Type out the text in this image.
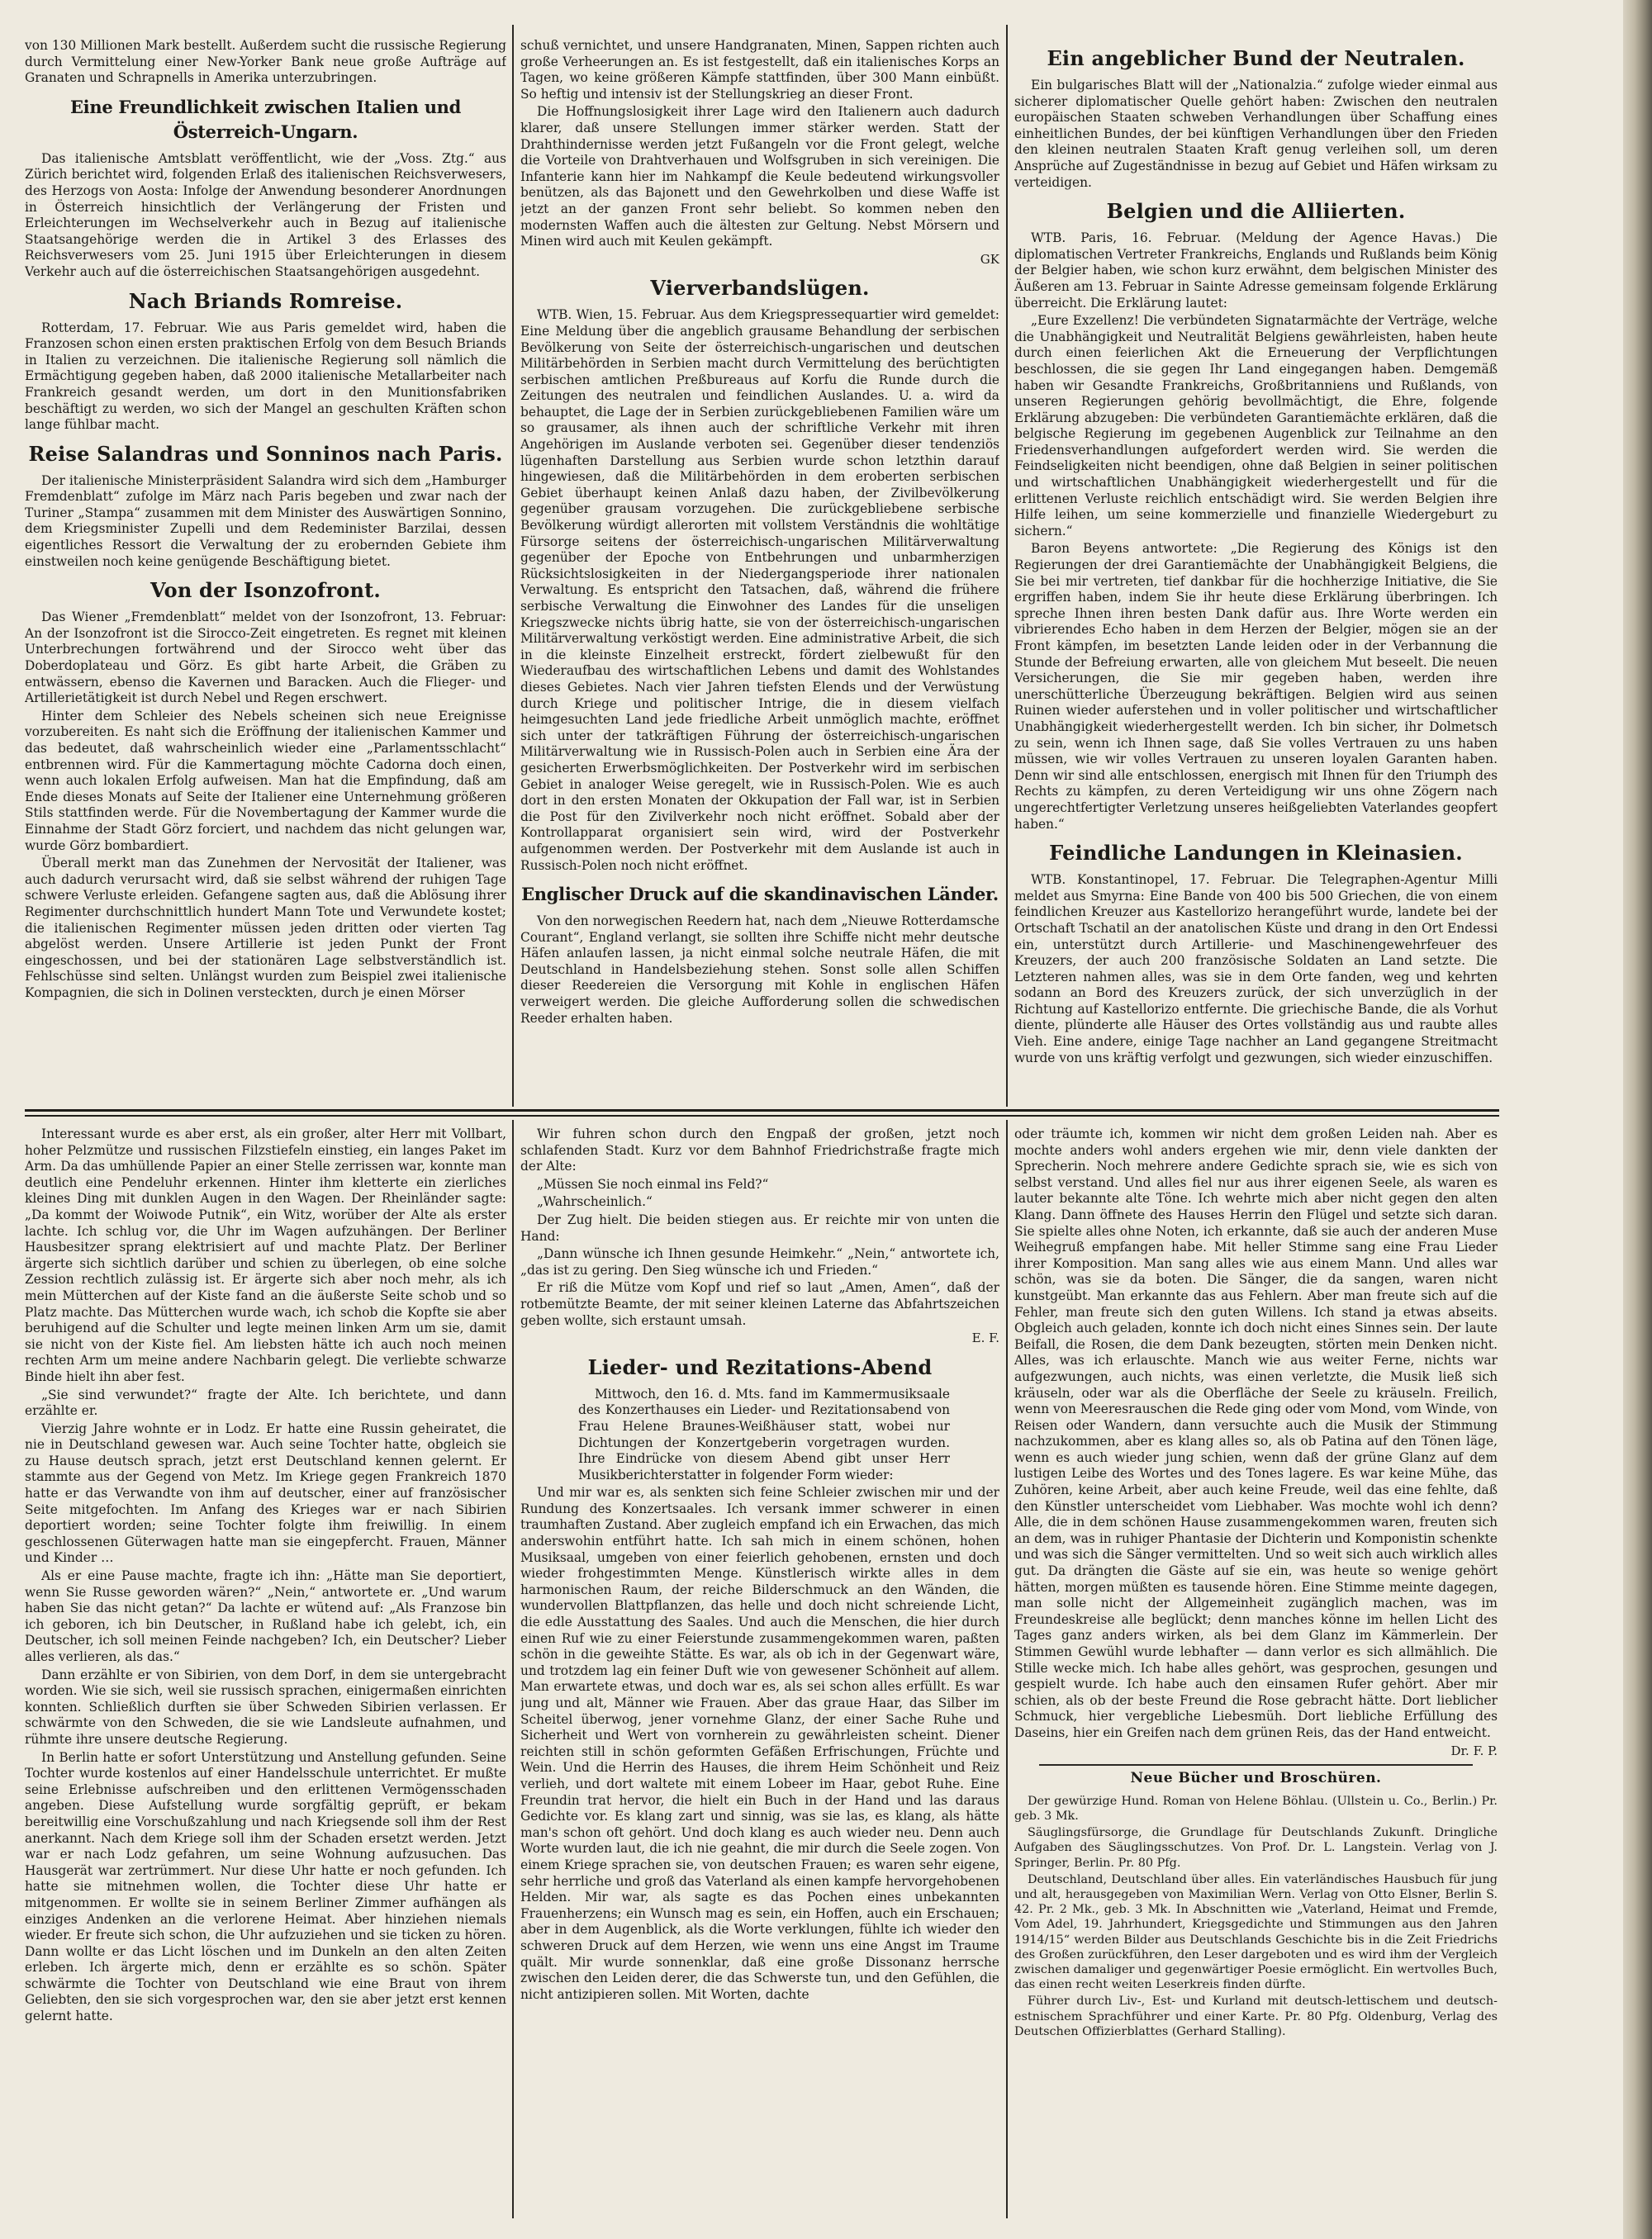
von 130 Millionen Mark bestellt. Außerdem sucht die russische Regierung durch Vermittelung einer New-Yorker Bank neue große Aufträge auf Granaten und Schrapnells in Amerika unterzubringen.

Eine Freundlichkeit zwischen Italien und Österreich-Ungarn.

Das italienische Amtsblatt veröffentlicht, wie der „Voss. Ztg.“ aus Zürich berichtet wird, folgenden Erlaß des italienischen Reichsverwesers, des Herzogs von Aosta: Infolge der Anwendung besonderer Anordnungen in Österreich hinsichtlich der Verlängerung der Fristen und Erleichterungen im Wechselverkehr auch in Bezug auf italienische Staatsangehörige werden die in Artikel 3 des Erlasses des Reichsverwesers vom 25. Juni 1915 über Erleichterungen in diesem Verkehr auch auf die österreichischen Staatsangehörigen ausgedehnt.

Nach Briands Romreise.

Rotterdam, 17. Februar. Wie aus Paris gemeldet wird, haben die Franzosen schon einen ersten praktischen Erfolg von dem Besuch Briands in Italien zu verzeichnen. Die italienische Regierung soll nämlich die Ermächtigung gegeben haben, daß 2000 italienische Metallarbeiter nach Frankreich gesandt werden, um dort in den Munitionsfabriken beschäftigt zu werden, wo sich der Mangel an geschulten Kräften schon lange fühlbar macht.

Reise Salandras und Sonninos nach Paris.

Der italienische Ministerpräsident Salandra wird sich dem „Hamburger Fremdenblatt“ zufolge im März nach Paris begeben und zwar nach der Turiner „Stampa“ zusammen mit dem Minister des Auswärtigen Sonnino, dem Kriegsminister Zupelli und dem Redeminister Barzilai, dessen eigentliches Ressort die Verwaltung der zu erobernden Gebiete ihm einstweilen noch keine genügende Beschäftigung bietet.

Von der Isonzofront.

Das Wiener „Fremdenblatt“ meldet von der Isonzofront, 13. Februar: An der Isonzofront ist die Sirocco-Zeit eingetreten. Es regnet mit kleinen Unterbrechungen fortwährend und der Sirocco weht über das Doberdoplateau und Görz. Es gibt harte Arbeit, die Gräben zu entwässern, ebenso die Kavernen und Baracken. Auch die Flieger- und Artillerietätigkeit ist durch Nebel und Regen erschwert.

Hinter dem Schleier des Nebels scheinen sich neue Ereignisse vorzubereiten. Es naht sich die Eröffnung der italienischen Kammer und das bedeutet, daß wahrscheinlich wieder eine „Parlamentsschlacht“ entbrennen wird. Für die Kammertagung möchte Cadorna doch einen, wenn auch lokalen Erfolg aufweisen. Man hat die Empfindung, daß am Ende dieses Monats auf Seite der Italiener eine Unternehmung größeren Stils stattfinden werde. Für die Novembertagung der Kammer wurde die Einnahme der Stadt Görz forciert, und nachdem das nicht gelungen war, wurde Görz bombardiert.

Überall merkt man das Zunehmen der Nervosität der Italiener, was auch dadurch verursacht wird, daß sie selbst während der ruhigen Tage schwere Verluste erleiden. Gefangene sagten aus, daß die Ablösung ihrer Regimenter durchschnittlich hundert Mann Tote und Verwundete kostet; die italienischen Regimenter müssen jeden dritten oder vierten Tag abgelöst werden. Unsere Artillerie ist jeden Punkt der Front eingeschossen, und bei der stationären Lage selbstverständlich ist. Fehlschüsse sind selten. Unlängst wurden zum Beispiel zwei italienische Kompagnien, die sich in Dolinen versteckten, durch je einen Mörser

schuß vernichtet, und unsere Handgranaten, Minen, Sappen richten auch große Verheerungen an. Es ist festgestellt, daß ein italienisches Korps an Tagen, wo keine größeren Kämpfe stattfinden, über 300 Mann einbüßt. So heftig und intensiv ist der Stellungskrieg an dieser Front.

Die Hoffnungslosigkeit ihrer Lage wird den Italienern auch dadurch klarer, daß unsere Stellungen immer stärker werden. Statt der Drahthindernisse werden jetzt Fußangeln vor die Front gelegt, welche die Vorteile von Drahtverhauen und Wolfsgruben in sich vereinigen. Die Infanterie kann hier im Nahkampf die Keule bedeutend wirkungsvoller benützen, als das Bajonett und den Gewehrkolben und diese Waffe ist jetzt an der ganzen Front sehr beliebt. So kommen neben den modernsten Waffen auch die ältesten zur Geltung. Nebst Mörsern und Minen wird auch mit Keulen gekämpft.

GK
Vierverbandslügen.

WTB. Wien, 15. Februar. Aus dem Kriegspressequartier wird gemeldet: Eine Meldung über die angeblich grausame Behandlung der serbischen Bevölkerung von Seite der österreichisch-ungarischen und deutschen Militärbehörden in Serbien macht durch Vermittelung des berüchtigten serbischen amtlichen Preßbureaus auf Korfu die Runde durch die Zeitungen des neutralen und feindlichen Auslandes. U. a. wird da behauptet, die Lage der in Serbien zurückgebliebenen Familien wäre um so grausamer, als ihnen auch der schriftliche Verkehr mit ihren Angehörigen im Auslande verboten sei. Gegenüber dieser tendenziös lügenhaften Darstellung aus Serbien wurde schon letzthin darauf hingewiesen, daß die Militärbehörden in dem eroberten serbischen Gebiet überhaupt keinen Anlaß dazu haben, der Zivilbevölkerung gegenüber grausam vorzugehen. Die zurückgebliebene serbische Bevölkerung würdigt allerorten mit vollstem Verständnis die wohltätige Fürsorge seitens der österreichisch-ungarischen Militärverwaltung gegenüber der Epoche von Entbehrungen und unbarmherzigen Rücksichtslosigkeiten in der Niedergangsperiode ihrer nationalen Verwaltung. Es entspricht den Tatsachen, daß, während die frühere serbische Verwaltung die Einwohner des Landes für die unseligen Kriegszwecke nichts übrig hatte, sie von der österreichisch-ungarischen Militärverwaltung verköstigt werden. Eine administrative Arbeit, die sich in die kleinste Einzelheit erstreckt, fördert zielbewußt für den Wiederaufbau des wirtschaftlichen Lebens und damit des Wohlstandes dieses Gebietes. Nach vier Jahren tiefsten Elends und der Verwüstung durch Kriege und politischer Intrige, die in diesem vielfach heimgesuchten Land jede friedliche Arbeit unmöglich machte, eröffnet sich unter der tatkräftigen Führung der österreichisch-ungarischen Militärverwaltung wie in Russisch-Polen auch in Serbien eine Ära der gesicherten Erwerbsmöglichkeiten. Der Postverkehr wird im serbischen Gebiet in analoger Weise geregelt, wie in Russisch-Polen. Wie es auch dort in den ersten Monaten der Okkupation der Fall war, ist in Serbien die Post für den Zivilverkehr noch nicht eröffnet. Sobald aber der Kontrollapparat organisiert sein wird, wird der Postverkehr aufgenommen werden. Der Postverkehr mit dem Auslande ist auch in Russisch-Polen noch nicht eröffnet.

Englischer Druck auf die skandinavischen Länder.

Von den norwegischen Reedern hat, nach dem „Nieuwe Rotterdamsche Courant“, England verlangt, sie sollten ihre Schiffe nicht mehr deutsche Häfen anlaufen lassen, ja nicht einmal solche neutrale Häfen, die mit Deutschland in Handelsbeziehung stehen. Sonst solle allen Schiffen dieser Reedereien die Versorgung mit Kohle in englischen Häfen verweigert werden. Die gleiche Aufforderung sollen die schwedischen Reeder erhalten haben.

Ein angeblicher Bund der Neutralen.

Ein bulgarisches Blatt will der „Nationalzia.“ zufolge wieder einmal aus sicherer diplomatischer Quelle gehört haben: Zwischen den neutralen europäischen Staaten schweben Verhandlungen über Schaffung eines einheitlichen Bundes, der bei künftigen Verhandlungen über den Frieden den kleinen neutralen Staaten Kraft genug verleihen soll, um deren Ansprüche auf Zugeständnisse in bezug auf Gebiet und Häfen wirksam zu verteidigen.

Belgien und die Alliierten.

WTB. Paris, 16. Februar. (Meldung der Agence Havas.) Die diplomatischen Vertreter Frankreichs, Englands und Rußlands beim König der Belgier haben, wie schon kurz erwähnt, dem belgischen Minister des Äußeren am 13. Februar in Sainte Adresse gemeinsam folgende Erklärung überreicht. Die Erklärung lautet:

„Eure Exzellenz! Die verbündeten Signatarmächte der Verträge, welche die Unabhängigkeit und Neutralität Belgiens gewährleisten, haben heute durch einen feierlichen Akt die Erneuerung der Verpflichtungen beschlossen, die sie gegen Ihr Land eingegangen haben. Demgemäß haben wir Gesandte Frankreichs, Großbritanniens und Rußlands, von unseren Regierungen gehörig bevollmächtigt, die Ehre, folgende Erklärung abzugeben: Die verbündeten Garantiemächte erklären, daß die belgische Regierung im gegebenen Augenblick zur Teilnahme an den Friedensverhandlungen aufgefordert werden wird. Sie werden die Feindseligkeiten nicht beendigen, ohne daß Belgien in seiner politischen und wirtschaftlichen Unabhängigkeit wiederhergestellt und für die erlittenen Verluste reichlich entschädigt wird. Sie werden Belgien ihre Hilfe leihen, um seine kommerzielle und finanzielle Wiedergeburt zu sichern.“

Baron Beyens antwortete: „Die Regierung des Königs ist den Regierungen der drei Garantiemächte der Unabhängigkeit Belgiens, die Sie bei mir vertreten, tief dankbar für die hochherzige Initiative, die Sie ergriffen haben, indem Sie ihr heute diese Erklärung überbringen. Ich spreche Ihnen ihren besten Dank dafür aus. Ihre Worte werden ein vibrierendes Echo haben in dem Herzen der Belgier, mögen sie an der Front kämpfen, im besetzten Lande leiden oder in der Verbannung die Stunde der Befreiung erwarten, alle von gleichem Mut beseelt. Die neuen Versicherungen, die Sie mir gegeben haben, werden ihre unerschütterliche Überzeugung bekräftigen. Belgien wird aus seinen Ruinen wieder auferstehen und in voller politischer und wirtschaftlicher Unabhängigkeit wiederhergestellt werden. Ich bin sicher, ihr Dolmetsch zu sein, wenn ich Ihnen sage, daß Sie volles Vertrauen zu uns haben müssen, wie wir volles Vertrauen zu unseren loyalen Garanten haben. Denn wir sind alle entschlossen, energisch mit Ihnen für den Triumph des Rechts zu kämpfen, zu deren Verteidigung wir uns ohne Zögern nach ungerechtfertigter Verletzung unseres heißgeliebten Vaterlandes geopfert haben.“

Feindliche Landungen in Kleinasien.

WTB. Konstantinopel, 17. Februar. Die Telegraphen-Agentur Milli meldet aus Smyrna: Eine Bande von 400 bis 500 Griechen, die von einem feindlichen Kreuzer aus Kastellorizo herangeführt wurde, landete bei der Ortschaft Tschatil an der anatolischen Küste und drang in den Ort Endessi ein, unterstützt durch Artillerie- und Maschinengewehrfeuer des Kreuzers, der auch 200 französische Soldaten an Land setzte. Die Letzteren nahmen alles, was sie in dem Orte fanden, weg und kehrten sodann an Bord des Kreuzers zurück, der sich unverzüglich in der Richtung auf Kastellorizo entfernte. Die griechische Bande, die als Vorhut diente, plünderte alle Häuser des Ortes vollständig aus und raubte alles Vieh. Eine andere, einige Tage nachher an Land gegangene Streitmacht wurde von uns kräftig verfolgt und gezwungen, sich wieder einzuschiffen.

Interessant wurde es aber erst, als ein großer, alter Herr mit Vollbart, hoher Pelzmütze und russischen Filzstiefeln einstieg, ein langes Paket im Arm. Da das umhüllende Papier an einer Stelle zerrissen war, konnte man deutlich eine Pendeluhr erkennen. Hinter ihm kletterte ein zierliches kleines Ding mit dunklen Augen in den Wagen. Der Rheinländer sagte: „Da kommt der Woiwode Putnik“, ein Witz, worüber der Alte als erster lachte. Ich schlug vor, die Uhr im Wagen aufzuhängen. Der Berliner Hausbesitzer sprang elektrisiert auf und machte Platz. Der Berliner ärgerte sich sichtlich darüber und schien zu überlegen, ob eine solche Zession rechtlich zulässig ist. Er ärgerte sich aber noch mehr, als ich mein Mütterchen auf der Kiste fand an die äußerste Seite schob und so Platz machte. Das Mütterchen wurde wach, ich schob die Kopfte sie aber beruhigend auf die Schulter und legte meinen linken Arm um sie, damit sie nicht von der Kiste fiel. Am liebsten hätte ich auch noch meinen rechten Arm um meine andere Nachbarin gelegt. Die verliebte schwarze Binde hielt ihn aber fest.

„Sie sind verwundet?“ fragte der Alte. Ich berichtete, und dann erzählte er.

Vierzig Jahre wohnte er in Lodz. Er hatte eine Russin geheiratet, die nie in Deutschland gewesen war. Auch seine Tochter hatte, obgleich sie zu Hause deutsch sprach, jetzt erst Deutschland kennen gelernt. Er stammte aus der Gegend von Metz. Im Kriege gegen Frankreich 1870 hatte er das Verwandte von ihm auf deutscher, einer auf französischer Seite mitgefochten. Im Anfang des Krieges war er nach Sibirien deportiert worden; seine Tochter folgte ihm freiwillig. In einem geschlossenen Güterwagen hatte man sie eingepfercht. Frauen, Männer und Kinder …

Als er eine Pause machte, fragte ich ihn: „Hätte man Sie deportiert, wenn Sie Russe geworden wären?“ „Nein,“ antwortete er. „Und warum haben Sie das nicht getan?“ Da lachte er wütend auf: „Als Franzose bin ich geboren, ich bin Deutscher, in Rußland habe ich gelebt, ich, ein Deutscher, ich soll meinen Feinde nachgeben? Ich, ein Deutscher? Lieber alles verlieren, als das.“

Dann erzählte er von Sibirien, von dem Dorf, in dem sie untergebracht worden. Wie sie sich, weil sie russisch sprachen, einigermaßen einrichten konnten. Schließlich durften sie über Schweden Sibirien verlassen. Er schwärmte von den Schweden, die sie wie Landsleute aufnahmen, und rühmte ihre unsere deutsche Regierung.

In Berlin hatte er sofort Unterstützung und Anstellung gefunden. Seine Tochter wurde kostenlos auf einer Handelsschule unterrichtet. Er mußte seine Erlebnisse aufschreiben und den erlittenen Vermögensschaden angeben. Diese Aufstellung wurde sorgfältig geprüft, er bekam bereitwillig eine Vorschußzahlung und nach Kriegsende soll ihm der Rest anerkannt. Nach dem Kriege soll ihm der Schaden ersetzt werden. Jetzt war er nach Lodz gefahren, um seine Wohnung aufzusuchen. Das Hausgerät war zertrümmert. Nur diese Uhr hatte er noch gefunden. Ich hatte sie mitnehmen wollen, die Tochter diese Uhr hatte er mitgenommen. Er wollte sie in seinem Berliner Zimmer aufhängen als einziges Andenken an die verlorene Heimat. Aber hinziehen niemals wieder. Er freute sich schon, die Uhr aufzuziehen und sie ticken zu hören. Dann wollte er das Licht löschen und im Dunkeln an den alten Zeiten erleben. Ich ärgerte mich, denn er erzählte es so schön. Später schwärmte die Tochter von Deutschland wie eine Braut von ihrem Geliebten, den sie sich vorgesprochen war, den sie aber jetzt erst kennen gelernt hatte.

Wir fuhren schon durch den Engpaß der großen, jetzt noch schlafenden Stadt. Kurz vor dem Bahnhof Friedrichstraße fragte mich der Alte:

„Müssen Sie noch einmal ins Feld?“

„Wahrscheinlich.“

Der Zug hielt. Die beiden stiegen aus. Er reichte mir von unten die Hand:

„Dann wünsche ich Ihnen gesunde Heimkehr.“ „Nein,“ antwortete ich, „das ist zu gering. Den Sieg wünsche ich und Frieden.“

Er riß die Mütze vom Kopf und rief so laut „Amen, Amen“, daß der rotbemützte Beamte, der mit seiner kleinen Laterne das Abfahrtszeichen geben wollte, sich erstaunt umsah.

E. F.
Lieder- und Rezitations-Abend

Mittwoch, den 16. d. Mts. fand im Kammermusiksaale des Konzerthauses ein Lieder- und Rezitationsabend von Frau Helene Braunes-Weißhäuser statt, wobei nur Dichtungen der Konzertgeberin vorgetragen wurden. Ihre Eindrücke von diesem Abend gibt unser Herr Musikberichterstatter in folgender Form wieder:

Und mir war es, als senkten sich feine Schleier zwischen mir und der Rundung des Konzertsaales. Ich versank immer schwerer in einen traumhaften Zustand. Aber zugleich empfand ich ein Erwachen, das mich anderswohin entführt hatte. Ich sah mich in einem schönen, hohen Musiksaal, umgeben von einer feierlich gehobenen, ernsten und doch wieder frohgestimmten Menge. Künstlerisch wirkte alles in dem harmonischen Raum, der reiche Bilderschmuck an den Wänden, die wundervollen Blattpflanzen, das helle und doch nicht schreiende Licht, die edle Ausstattung des Saales. Und auch die Menschen, die hier durch einen Ruf wie zu einer Feierstunde zusammengekommen waren, paßten schön in die geweihte Stätte. Es war, als ob ich in der Gegenwart wäre, und trotzdem lag ein feiner Duft wie von gewesener Schönheit auf allem. Man erwartete etwas, und doch war es, als sei schon alles erfüllt. Es war jung und alt, Männer wie Frauen. Aber das graue Haar, das Silber im Scheitel überwog, jener vornehme Glanz, der einer Sache Ruhe und Sicherheit und Wert von vornherein zu gewährleisten scheint. Diener reichten still in schön geformten Gefäßen Erfrischungen, Früchte und Wein. Und die Herrin des Hauses, die ihrem Heim Schönheit und Reiz verlieh, und dort waltete mit einem Lobeer im Haar, gebot Ruhe. Eine Freundin trat hervor, die hielt ein Buch in der Hand und las daraus Gedichte vor. Es klang zart und sinnig, was sie las, es klang, als hätte man's schon oft gehört. Und doch klang es auch wieder neu. Denn auch Worte wurden laut, die ich nie geahnt, die mir durch die Seele zogen. Von einem Kriege sprachen sie, von deutschen Frauen; es waren sehr eigene, sehr herrliche und groß das Vaterland als einen kampfe hervorgehobenen Helden. Mir war, als sagte es das Pochen eines unbekannten Frauenherzens; ein Wunsch mag es sein, ein Hoffen, auch ein Erschauen; aber in dem Augenblick, als die Worte verklungen, fühlte ich wieder den schweren Druck auf dem Herzen, wie wenn uns eine Angst im Traume quält. Mir wurde sonnenklar, daß eine große Dissonanz herrsche zwischen den Leiden derer, die das Schwerste tun, und den Gefühlen, die nicht antizipieren sollen. Mit Worten, dachte

oder träumte ich, kommen wir nicht dem großen Leiden nah. Aber es mochte anders wohl anders ergehen wie mir, denn viele dankten der Sprecherin. Noch mehrere andere Gedichte sprach sie, wie es sich von selbst verstand. Und alles fiel nur aus ihrer eigenen Seele, als waren es lauter bekannte alte Töne. Ich wehrte mich aber nicht gegen den alten Klang. Dann öffnete des Hauses Herrin den Flügel und setzte sich daran. Sie spielte alles ohne Noten, ich erkannte, daß sie auch der anderen Muse Weihegruß empfangen habe. Mit heller Stimme sang eine Frau Lieder ihrer Komposition. Man sang alles wie aus einem Mann. Und alles war schön, was sie da boten. Die Sänger, die da sangen, waren nicht kunstgeübt. Man erkannte das aus Fehlern. Aber man freute sich auf die Fehler, man freute sich den guten Willens. Ich stand ja etwas abseits. Obgleich auch geladen, konnte ich doch nicht eines Sinnes sein. Der laute Beifall, die Rosen, die dem Dank bezeugten, störten mein Denken nicht. Alles, was ich erlauschte. Manch wie aus weiter Ferne, nichts war aufgezwungen, auch nichts, was einen verletzte, die Musik ließ sich kräuseln, oder war als die Oberfläche der Seele zu kräuseln. Freilich, wenn von Meeresrauschen die Rede ging oder vom Mond, vom Winde, von Reisen oder Wandern, dann versuchte auch die Musik der Stimmung nachzukommen, aber es klang alles so, als ob Patina auf den Tönen läge, wenn es auch wieder jung schien, wenn daß der grüne Glanz auf dem lustigen Leibe des Wortes und des Tones lagere. Es war keine Mühe, das Zuhören, keine Arbeit, aber auch keine Freude, weil das eine fehlte, daß den Künstler unterscheidet vom Liebhaber. Was mochte wohl ich denn? Alle, die in dem schönen Hause zusammengekommen waren, freuten sich an dem, was in ruhiger Phantasie der Dichterin und Komponistin schenkte und was sich die Sänger vermittelten. Und so weit sich auch wirklich alles gut. Da drängten die Gäste auf sie ein, was heute so wenige gehört hätten, morgen müßten es tausende hören. Eine Stimme meinte dagegen, man solle nicht der Allgemeinheit zugänglich machen, was im Freundeskreise alle beglückt; denn manches könne im hellen Licht des Tages ganz anders wirken, als bei dem Glanz im Kämmerlein. Der Stimmen Gewühl wurde lebhafter — dann verlor es sich allmählich. Die Stille wecke mich. Ich habe alles gehört, was gesprochen, gesungen und gespielt wurde. Ich habe auch den einsamen Rufer gehört. Aber mir schien, als ob der beste Freund die Rose gebracht hätte. Dort lieblicher Schmuck, hier vergebliche Liebesmüh. Dort liebliche Erfüllung des Daseins, hier ein Greifen nach dem grünen Reis, das der Hand entweicht.

Dr. F. P.
Neue Bücher und Broschüren.

Der gewürzige Hund. Roman von Helene Böhlau. (Ullstein u. Co., Berlin.) Pr. geb. 3 Mk.

Säuglingsfürsorge, die Grundlage für Deutschlands Zukunft. Dringliche Aufgaben des Säuglingsschutzes. Von Prof. Dr. L. Langstein. Verlag von J. Springer, Berlin. Pr. 80 Pfg.

Deutschland, Deutschland über alles. Ein vaterländisches Hausbuch für jung und alt, herausgegeben von Maximilian Wern. Verlag von Otto Elsner, Berlin S. 42. Pr. 2 Mk., geb. 3 Mk. In Abschnitten wie „Vaterland, Heimat und Fremde, Vom Adel, 19. Jahrhundert, Kriegsgedichte und Stimmungen aus den Jahren 1914/15“ werden Bilder aus Deutschlands Geschichte bis in die Zeit Friedrichs des Großen zurückführen, den Leser dargeboten und es wird ihm der Vergleich zwischen damaliger und gegenwärtiger Poesie ermöglicht. Ein wertvolles Buch, das einen recht weiten Leserkreis finden dürfte.

Führer durch Liv-, Est- und Kurland mit deutsch-lettischem und deutsch-estnischem Sprachführer und einer Karte. Pr. 80 Pfg. Oldenburg, Verlag des Deutschen Offizierblattes (Gerhard Stalling).
